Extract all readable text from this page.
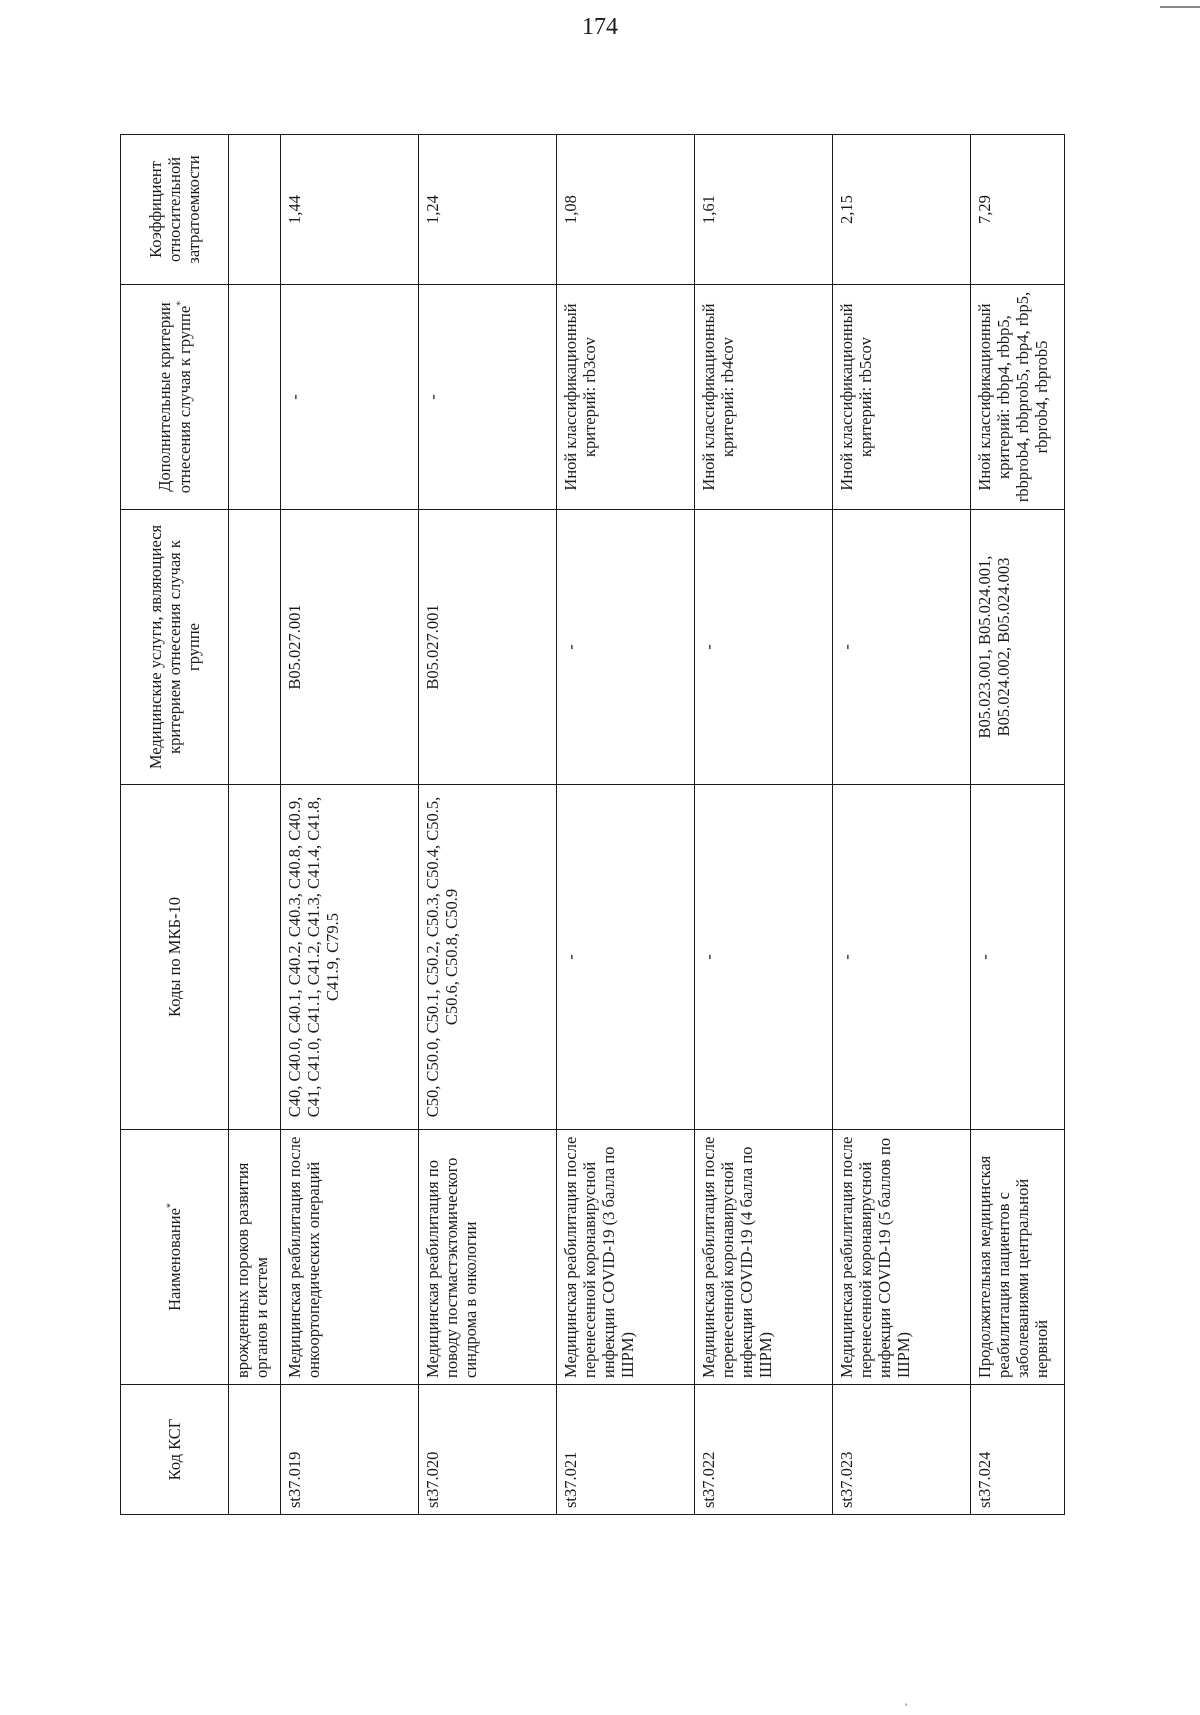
174
Код КСГ	Наименование*	Коды по МКБ-10	Медицинские услуги, являющиеся критерием отнесения случая к группе	Дополнительные критерии отнесения случая к группе*	Коэффициент относительной затратоемкости
	врожденных пороков развития органов и систем				
st37.019	Медицинская реабилитация после онкоортопедических операций	C40, C40.0, C40.1, C40.2, C40.3, C40.8, C40.9, C41, C41.0, C41.1, C41.2, C41.3, C41.4, C41.8, C41.9, C79.5	B05.027.001	-	1,44
st37.020	Медицинская реабилитация по поводу постмастэктомического синдрома в онкологии	C50, C50.0, C50.1, C50.2, C50.3, C50.4, C50.5, C50.6, C50.8, C50.9	B05.027.001	-	1,24
st37.021	Медицинская реабилитация после перенесенной коронавирусной инфекции COVID-19 (3 балла по ШРМ)	-	-	Иной классификационный критерий: rb3cov	1,08
st37.022	Медицинская реабилитация после перенесенной коронавирусной инфекции COVID-19 (4 балла по ШРМ)	-	-	Иной классификационный критерий: rb4cov	1,61
st37.023	Медицинская реабилитация после перенесенной коронавирусной инфекции COVID-19 (5 баллов по ШРМ)	-	-	Иной классификационный критерий: rb5cov	2,15
st37.024	Продолжительная медицинская реабилитация пациентов с заболеваниями центральной нервной	-	B05.023.001, B05.024.001, B05.024.002, B05.024.003	Иной классификационный критерий: rbbp4, rbbp5, rbbprob4, rbbprob5, rbp4, rbp5, rbprob4, rbprob5	7,29
'
